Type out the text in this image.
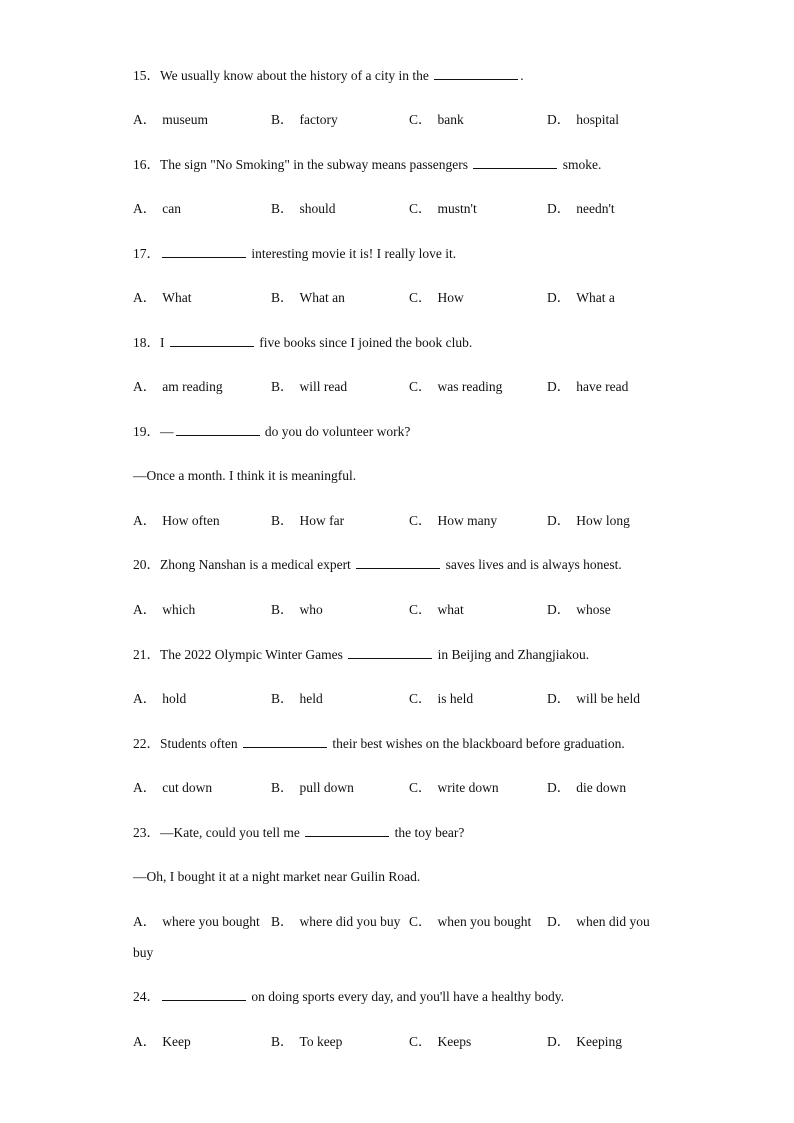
15．We usually know about the history of a city in the	.
A． museum	B． factory	C． bank	D． hospital
16．The sign "No Smoking" in the subway means passengers	smoke.
A． can	B． should	C． mustn't	D． needn't
17．	interesting movie it is! I really love it.
A． What	B． What an	C． How	D． What a
18．I	five books since I joined the book club.
A． am reading	B． will read	C． was reading	D． have read
19．—	do you do volunteer work?
—Once a month. I think it is meaningful.
A． How often	B． How far	C． How many	D． How long
20．Zhong Nanshan is a medical expert	saves lives and is always honest.
A． which	B． who	C． what	D． whose
21．The 2022 Olympic Winter Games	in Beijing and Zhangjiakou.
A． hold	B． held	C． is held	D． will be held
22．Students often	their best wishes on the blackboard before graduation.
A． cut down	B． pull down	C． write down	D． die down
23．—Kate, could you tell me	the toy bear?
—Oh, I bought it at a night market near Guilin Road.
A． where you bought B． where did you buy C． when you bought D． when did you
buy
24．	on doing sports every day, and you'll have a healthy body.
A． Keep	B． To keep	C． Keeps	D． Keeping
